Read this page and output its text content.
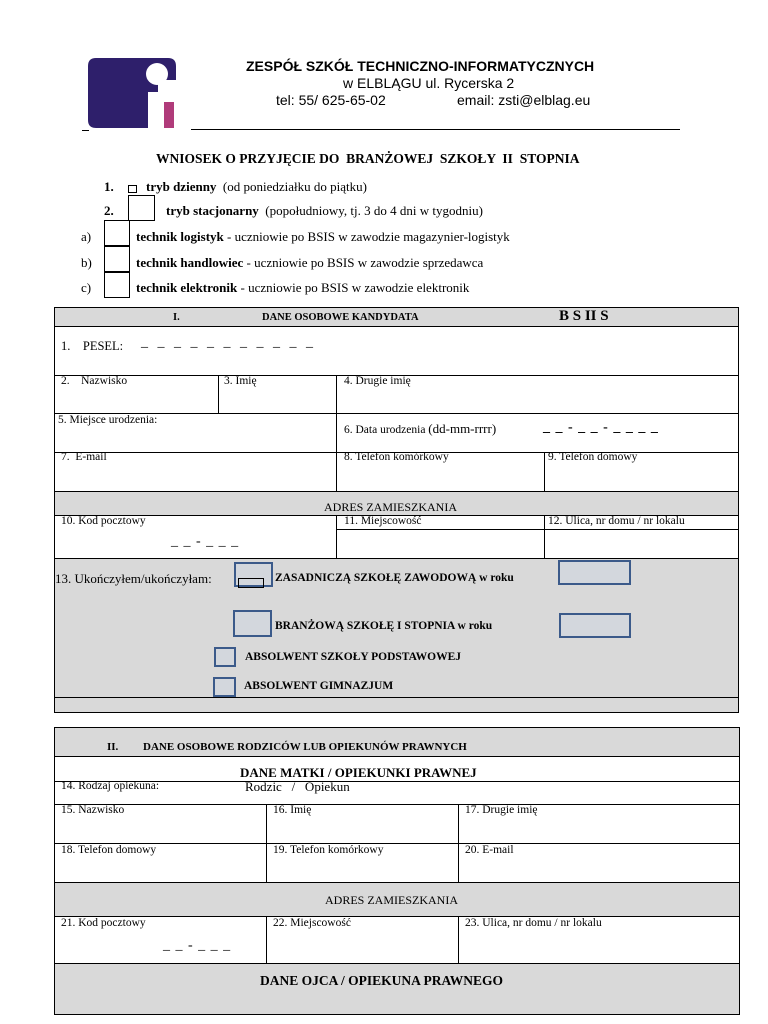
ZESPÓŁ SZKÓŁ TECHNICZNO-INFORMATYCZNYCH
w ELBLĄGU ul. Rycerska 2
tel: 55/ 625-65-02	email: zsti@elblag.eu
WNIOSEK O PRZYJĘCIE DO  BRANŻOWEJ  SZKOŁY  II  STOPNIA
1. tryb dzienny (od poniedziałku do piątku)
2.	tryb stacjonarny (popołudniowy, tj. 3 do 4 dni w tygodniu)
a)	technik logistyk - uczniowie po BSIS w zawodzie magazynier-logistyk
b)	technik handlowiec - uczniowie po BSIS w zawodzie sprzedawca
c)	technik elektronik - uczniowie po BSIS w zawodzie elektronik
I.	DANE OSOBOWE KANDYDATA	B S II S
1.    PESEL: _ _ _ _ _ _ _ _ _ _ _
2.    Nazwisko	3. Imię	4. Drugie imię
5. Miejsce urodzenia:
6. Data urodzenia (dd-mm-rrrr)	_ _ - _ _ - _ _ _ _
7.  E-mail	8. Telefon komórkowy	9. Telefon domowy
ADRES ZAMIESZKANIA
10. Kod pocztowy
_ _ - _ _ _
11. Miejscowość	12. Ulica, nr domu / nr lokalu
13. Ukończyłem/ukończyłam:	ZASADNICZĄ SZKOŁĘ ZAWODOWĄ w roku
BRANŻOWĄ SZKOŁĘ I STOPNIA w roku
ABSOLWENT SZKOŁY PODSTAWOWEJ
ABSOLWENT GIMNAZJUM
II. DANE OSOBOWE RODZICÓW LUB OPIEKUNÓW PRAWNYCH
DANE MATKI / OPIEKUNKI PRAWNEJ
14. Rodzaj opiekuna:	Rodzic   /   Opiekun
15. Nazwisko	16. Imię	17. Drugie imię
18. Telefon domowy	19. Telefon komórkowy	20. E-mail
ADRES ZAMIESZKANIA
21. Kod pocztowy
_ _ - _ _ _
22. Miejscowość	23. Ulica, nr domu / nr lokalu
DANE OJCA / OPIEKUNA PRAWNEGO
